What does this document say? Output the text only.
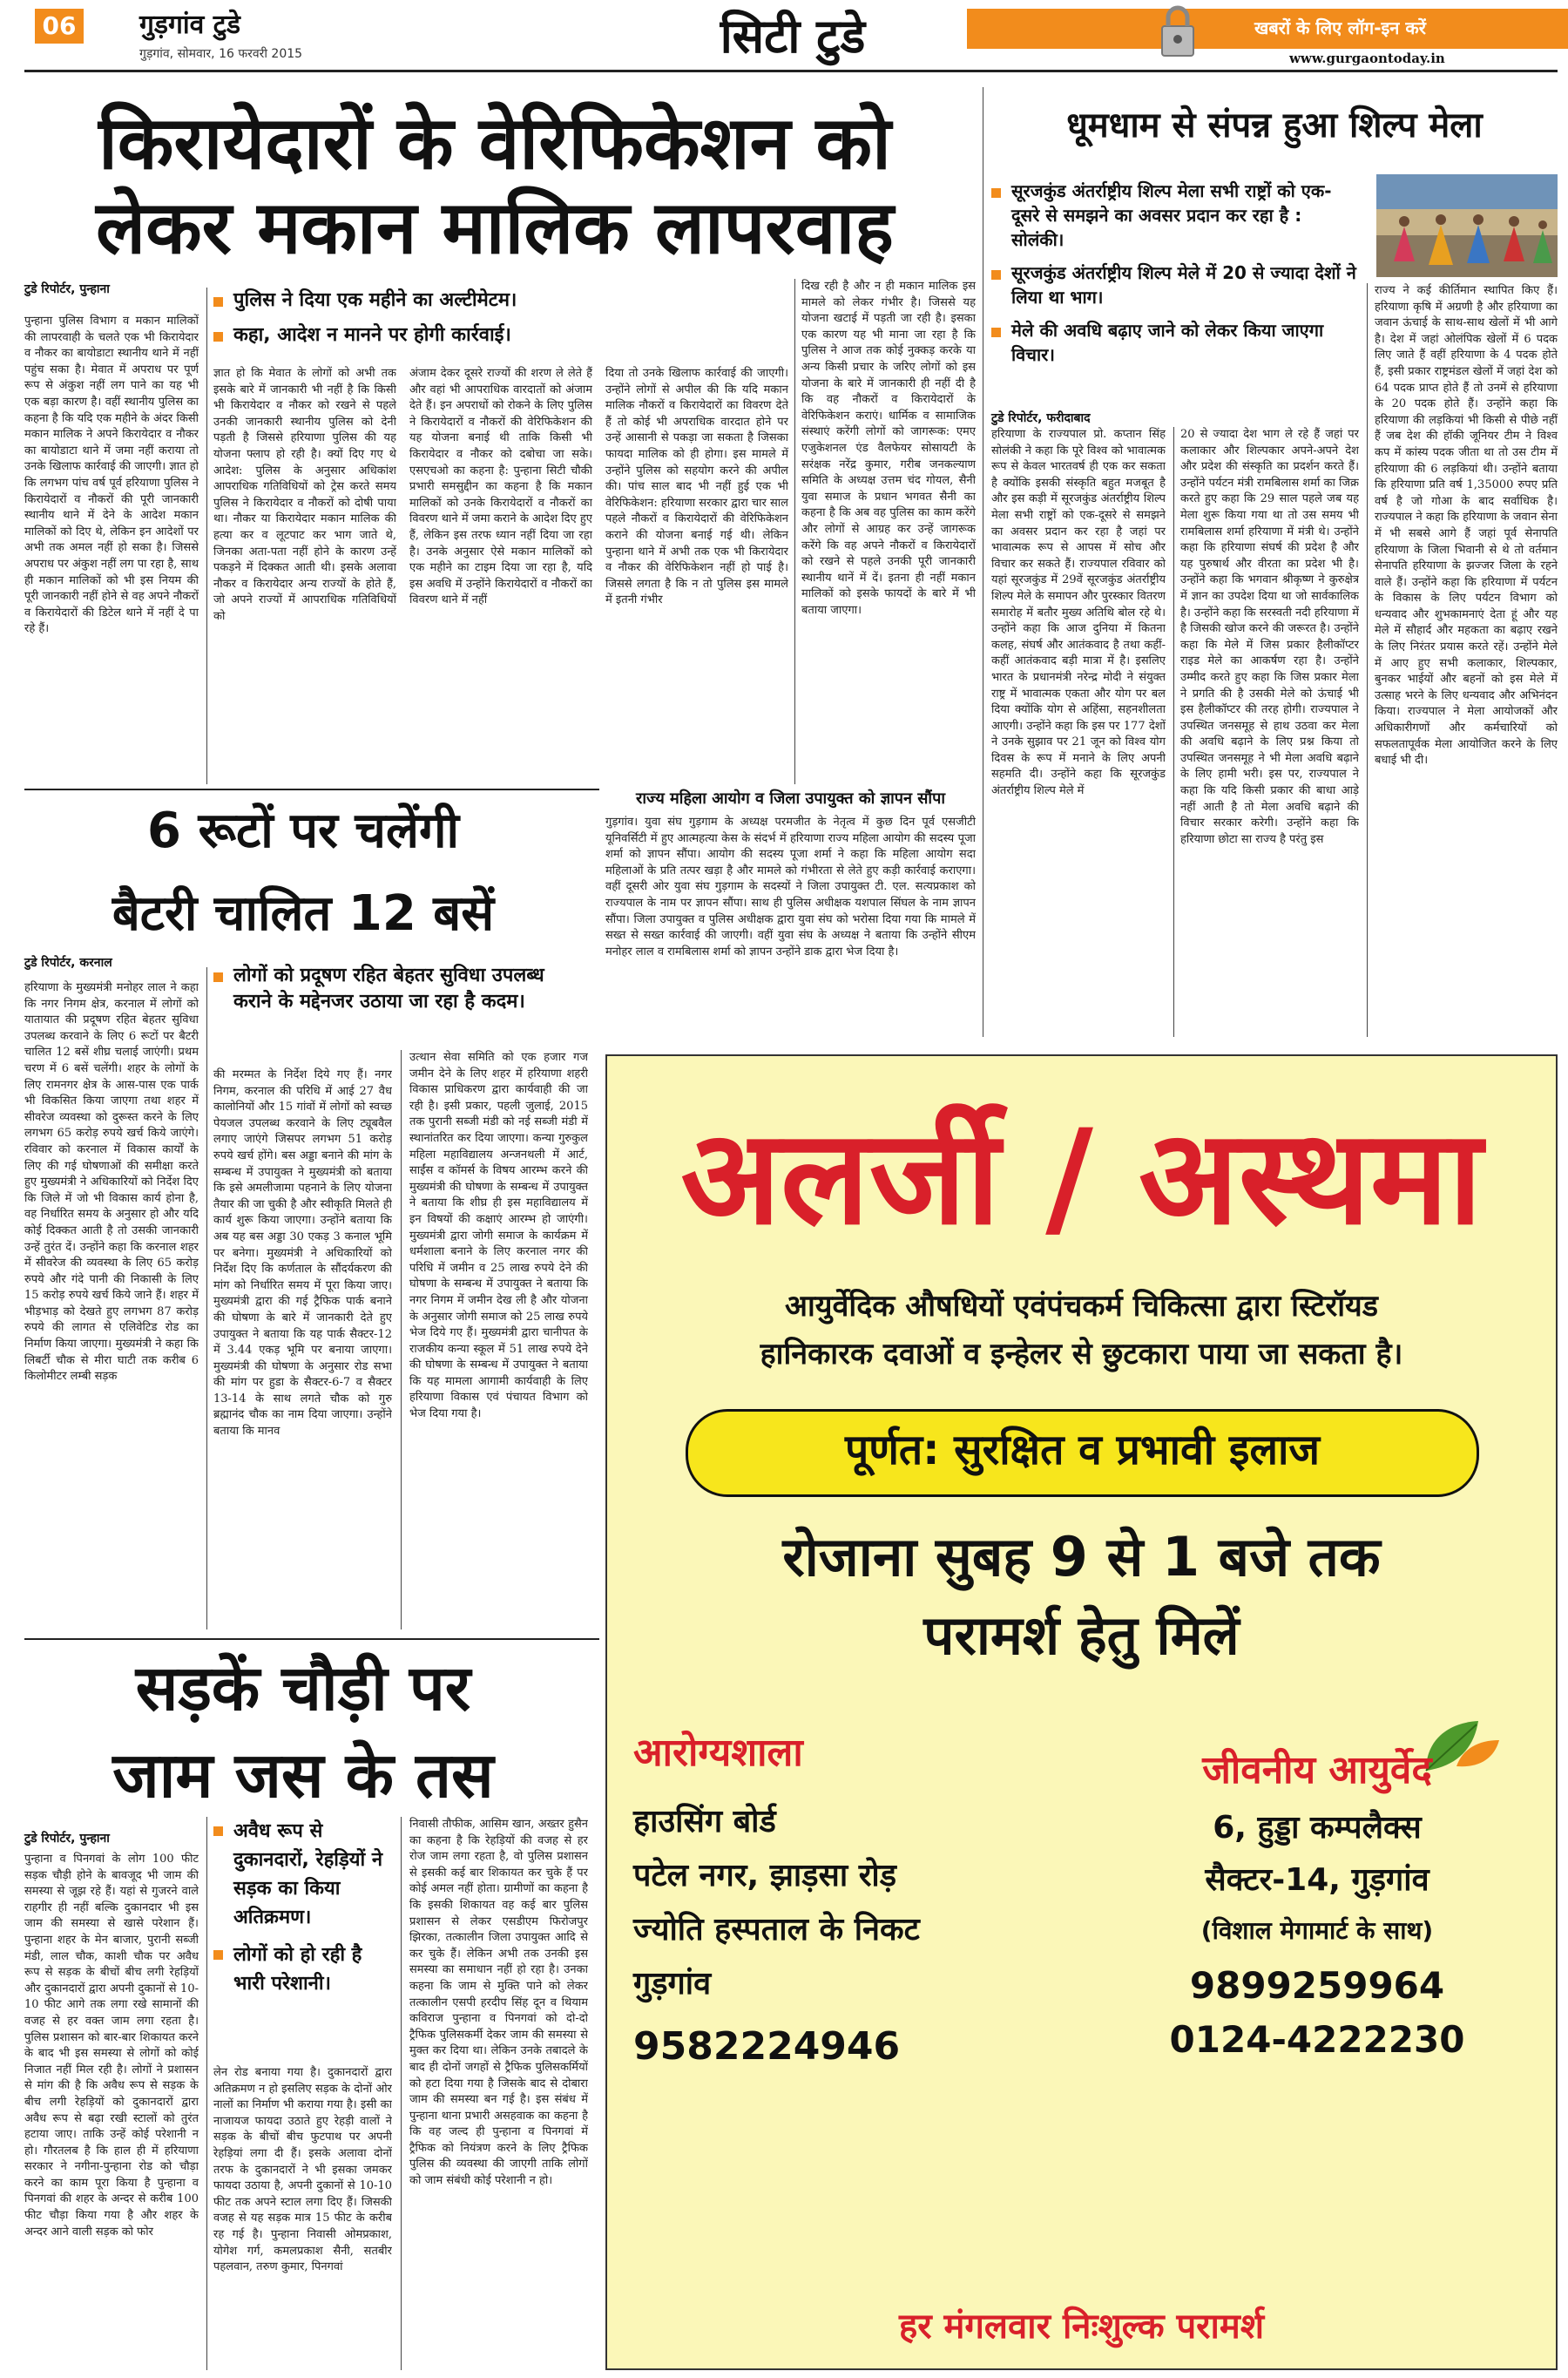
06 गुड़गांव टुडे
गुड़गांव, सोमवार, 16 फरवरी 2015	सिटी टुडे	खबरों के लिए लॉग-इन करें
www.gurgaontoday.in
किरायेदारों के वेरिफिकेशन को
लेकर मकान मालिक लापरवाह
टुडे रिपोर्टर, पुन्हाना	पुलिस ने दिया एक महीने का अल्टीमेटम।
कहा, आदेश न मानने पर होगी कार्रवाई।
पुन्हाना पुलिस विभाग व मकान मालिकों की लापरवाही के चलते एक भी किरायेदार व नौकर का बायोडाटा स्थानीय थाने में नहीं पहुंच सका है। मेवात में अपराध पर पूर्ण रूप से अंकुश नहीं लग पाने का यह भी एक बड़ा कारण है। वहीं स्थानीय पुलिस का कहना है कि यदि एक महीने के अंदर किसी मकान मालिक ने अपने किरायेदार व नौकर का बायोडाटा थाने में जमा नहीं कराया तो उनके खिलाफ कार्रवाई की जाएगी। ज्ञात हो कि लगभग पांच वर्ष पूर्व हरियाणा पुलिस ने किरायेदारों व नौकरों की पूरी जानकारी स्थानीय थाने में देने के आदेश मकान मालिकों को दिए थे, लेकिन इन आदेशों पर अभी तक अमल नहीं हो सका है। जिससे अपराध पर अंकुश नहीं लग पा रहा है, साथ ही मकान मालिकों को भी इस नियम की पूरी जानकारी नहीं होने से वह अपने नौकरों व किरायेदारों की डिटेल थाने में नहीं दे पा रहे हैं।
ज्ञात हो कि मेवात के लोगों को अभी तक इसके बारे में जानकारी भी नहीं है कि किसी भी किरायेदार व नौकर को रखने से पहले उनकी जानकारी स्थानीय पुलिस को देनी पड़ती है जिससे हरियाणा पुलिस की यह योजना फ्लाप हो रही है। क्यों दिए गए थे आदेश: पुलिस के अनुसार अधिकांश आपराधिक गतिविधियों को ट्रेस करते समय पुलिस ने किरायेदार व नौकरों को दोषी पाया था। नौकर या किरायेदार मकान मालिक की हत्या कर व लूटपाट कर भाग जाते थे, जिनका अता-पता नहीं होने के कारण उन्हें पकड़ने में दिक्कत आती थी। इसके अलावा नौकर व किरायेदार अन्य राज्यों के होते हैं, जो अपने राज्यों में आपराधिक गतिविधियों को
अंजाम देकर दूसरे राज्यों की शरण ले लेते हैं और वहां भी आपराधिक वारदातों को अंजाम देते हैं। इन अपराधों को रोकने के लिए पुलिस ने किरायेदारों व नौकरों की वेरिफिकेशन की यह योजना बनाई थी ताकि किसी भी किरायेदार व नौकर को दबोचा जा सके। एसएचओ का कहना है: पुन्हाना सिटी चौकी प्रभारी समसुद्दीन का कहना है कि मकान मालिकों को उनके किरायेदारों व नौकरों का विवरण थाने में जमा कराने के आदेश दिए हुए हैं, लेकिन इस तरफ ध्यान नहीं दिया जा रहा है। उनके अनुसार ऐसे मकान मालिकों को एक महीने का टाइम दिया जा रहा है, यदि इस अवधि में उन्होंने किरायेदारों व नौकरों का विवरण थाने में नहीं
दिया तो उनके खिलाफ कार्रवाई की जाएगी। उन्होंने लोगों से अपील की कि यदि मकान मालिक नौकरों व किरायेदारों का विवरण देते हैं तो कोई भी अपराधिक वारदात होने पर उन्हें आसानी से पकड़ा जा सकता है जिसका फायदा मालिक को ही होगा। इस मामले में उन्होंने पुलिस को सहयोग करने की अपील की। पांच साल बाद भी नहीं हुई एक भी वेरिफिकेशन: हरियाणा सरकार द्वारा चार साल पहले नौकरों व किरायेदारों की वेरिफिकेशन कराने की योजना बनाई गई थी। लेकिन पुन्हाना थाने में अभी तक एक भी किरायेदार व नौकर की वेरिफिकेशन नहीं हो पाई है। जिससे लगता है कि न तो पुलिस इस मामले में इतनी गंभीर
दिख रही है और न ही मकान मालिक इस मामले को लेकर गंभीर है। जिससे यह योजना खटाई में पड़ती जा रही है। इसका एक कारण यह भी माना जा रहा है कि पुलिस ने आज तक कोई नुक्कड़ करके या अन्य किसी प्रचार के जरिए लोगों को इस योजना के बारे में जानकारी ही नहीं दी है कि वह नौकरों व किरायेदारों के वेरिफिकेशन कराएं। धार्मिक व सामाजिक संस्थाएं करेंगी लोगों को जागरूक: एमए एजुकेशनल एंड वैलफेयर सोसायटी के सरंक्षक नरेंद्र कुमार, गरीब जनकल्याण समिति के अध्यक्ष उत्तम चंद गोयल, सैनी युवा समाज के प्रधान भगवत सैनी का कहना है कि अब वह पुलिस का काम करेंगे और लोगों से आग्रह कर उन्हें जागरूक करेंगे कि वह अपने नौकरों व किरायेदारों को रखने से पहले उनकी पूरी जानकारी स्थानीय थानें में दें। इतना ही नहीं मकान मालिकों को इसके फायदों के बारे में भी बताया जाएगा।
राज्य महिला आयोग व जिला उपायुक्त को ज्ञापन सौंपा
गुड़गांव। युवा संघ गुड़गाम के अध्यक्ष परमजीत के नेतृत्व में कुछ दिन पूर्व एसजीटी यूनिवर्सिटी में हुए आत्महत्या केस के संदर्भ में हरियाणा राज्य महिला आयोग की सदस्य पूजा शर्मा को ज्ञापन सौंपा। आयोग की सदस्य पूजा शर्मा ने कहा कि महिला आयोग सदा महिलाओं के प्रति तत्पर खड़ा है और मामले को गंभीरता से लेते हुए कड़ी कार्रवाई कराएगा। वहीं दूसरी ओर युवा संघ गुड़गाम के सदस्यों ने जिला उपायुक्त टी. एल. सत्यप्रकाश को राज्यपाल के नाम पर ज्ञापन सौंपा। साथ ही पुलिस अधीक्षक यशपाल सिंघल के नाम ज्ञापन सौंपा। जिला उपायुक्त व पुलिस अधीक्षक द्वारा युवा संघ को भरोसा दिया गया कि मामले में सख्त से सख्त कार्रवाई की जाएगी। वहीं युवा संघ के अध्यक्ष ने बताया कि उन्होंने सीएम मनोहर लाल व रामबिलास शर्मा को ज्ञापन उन्होंने डाक द्वारा भेज दिया है।
6 रूटों पर चलेंगी
बैटरी चालित 12 बसें
टुडे रिपोर्टर, करनाल
लोगों को प्रदूषण रहित बेहतर सुविधा उपलब्ध कराने के मद्देनजर उठाया जा रहा है कदम।
हरियाणा के मुख्यमंत्री मनोहर लाल ने कहा कि नगर निगम क्षेत्र, करनाल में लोगों को यातायात की प्रदूषण रहित बेहतर सुविधा उपलब्ध करवाने के लिए 6 रूटों पर बैटरी चालित 12 बसें शीघ्र चलाई जाएंगी। प्रथम चरण में 6 बसें चलेंगी। शहर के लोगों के लिए रामनगर क्षेत्र के आस-पास एक पार्क भी विकसित किया जाएगा तथा शहर में सीवरेज व्यवस्था को दुरूस्त करने के लिए लगभग 65 करोड़ रुपये खर्च किये जाएंगे। रविवार को करनाल में विकास कार्यों के लिए की गई घोषणाओं की समीक्षा करते हुए मुख्यमंत्री ने अधिकारियों को निर्देश दिए कि जिले में जो भी विकास कार्य होना है, वह निर्धारित समय के अनुसार हो और यदि कोई दिक्कत आती है तो उसकी जानकारी उन्हें तुरंत दें। उन्होंने कहा कि करनाल शहर में सीवरेज की व्यवस्था के लिए 65 करोड़ रुपये और गंदे पानी की निकासी के लिए 15 करोड़ रुपये खर्च किये जाने हैं। शहर में भीड़भाड़ को देखते हुए लगभग 87 करोड़ रुपये की लागत से एलिवेटिड रोड का निर्माण किया जाएगा। मुख्यमंत्री ने कहा कि लिबर्टी चौक से मीरा घाटी तक करीब 6 किलोमीटर लम्बी सड़क
की मरम्मत के निर्देश दिये गए हैं। नगर निगम, करनाल की परिधि में आई 27 वैध कालोनियों और 15 गांवों में लोगों को स्वच्छ पेयजल उपलब्ध करवाने के लिए ट्यूबवैल लगाए जाएंगे जिसपर लगभग 51 करोड़ रुपये खर्च होंगे। बस अड्डा बनाने की मांग के सम्बन्ध में उपायुक्त ने मुख्यमंत्री को बताया कि इसे अमलीजामा पहनाने के लिए योजना तैयार की जा चुकी है और स्वीकृति मिलते ही कार्य शुरू किया जाएगा। उन्होंने बताया कि अब यह बस अड्डा 30 एकड़ 3 कनाल भूमि पर बनेगा। मुख्यमंत्री ने अधिकारियों को निर्देश दिए कि कर्णताल के सौंदर्यकरण की मांग को निर्धारित समय में पूरा किया जाए। मुख्यमंत्री द्वारा की गई ट्रैफिक पार्क बनाने की घोषणा के बारे में जानकारी देते हुए उपायुक्त ने बताया कि यह पार्क सैक्टर-12 में 3.44 एकड़ भूमि पर बनाया जाएगा। मुख्यमंत्री की घोषणा के अनुसार रोड सभा की मांग पर हुडा के सैक्टर-6-7 व सैक्टर 13-14 के साथ लगते चौक को गुरु ब्रह्मानंद चौक का नाम दिया जाएगा। उन्होंने बताया कि मानव
उत्थान सेवा समिति को एक हजार गज जमीन देने के लिए शहर में हरियाणा शहरी विकास प्राधिकरण द्वारा कार्यवाही की जा रही है। इसी प्रकार, पहली जुलाई, 2015 तक पुरानी सब्जी मंडी को नई सब्जी मंडी में स्थानांतरित कर दिया जाएगा। कन्या गुरुकुल महिला महाविद्यालय अन्जनथली में आर्ट, साईंस व कॉमर्स के विषय आरम्भ करने की मुख्यमंत्री की घोषणा के सम्बन्ध में उपायुक्त ने बताया कि शीघ्र ही इस महाविद्यालय में इन विषयों की कक्षाएं आरम्भ हो जाएंगी। मुख्यमंत्री द्वारा जोगी समाज के कार्यक्रम में धर्मशाला बनाने के लिए करनाल नगर की परिधि में जमीन व 25 लाख रुपये देने की घोषणा के सम्बन्ध में उपायुक्त ने बताया कि नगर निगम में जमीन देख ली है और योजना के अनुसार जोगी समाज को 25 लाख रुपये भेज दिये गए हैं। मुख्यमंत्री द्वारा चानीपत के राजकीय कन्या स्कूल में 51 लाख रुपये देने की घोषणा के सम्बन्ध में उपायुक्त ने बताया कि यह मामला आगामी कार्यवाही के लिए हरियाणा विकास एवं पंचायत विभाग को भेज दिया गया है।
सड़कें चौड़ी पर
जाम जस के तस
टुडे रिपोर्टर, पुन्हाना	अवैध रूप से दुकानदारों, रेहड़ियों ने सड़क का किया अतिक्रमण।
लोगों को हो रही है भारी परेशानी।
पुन्हाना व पिनगवां के लोग 100 फीट सड़क चौड़ी होने के बावजूद भी जाम की समस्या से जूझ रहे हैं। यहां से गुजरने वाले राहगीर ही नहीं बल्कि दुकानदार भी इस जाम की समस्या से खासे परेशान हैं। पुन्हाना शहर के मेन बाजार, पुरानी सब्जी मंडी, लाल चौक, काशी चौक पर अवैध रूप से सड़क के बीचों बीच लगी रेहड़ियों और दुकानदारों द्वारा अपनी दुकानों से 10-10 फीट आगे तक लगा रखे सामानों की वजह से हर वक्त जाम लगा रहता है। पुलिस प्रशासन को बार-बार शिकायत करने के बाद भी इस समस्या से लोगों को कोई निजात नहीं मिल रही है। लोगों ने प्रशासन से मांग की है कि अवैध रूप से सड़क के बीच लगी रेहड़ियों को दुकानदारों द्वारा अवैध रूप से बढ़ा रखी स्टालों को तुरंत हटाया जाए। ताकि उन्हें कोई परेशानी न हो। गौरतलब है कि हाल ही में हरियाणा सरकार ने नगीना-पुन्हाना रोड को चौड़ा करने का काम पूरा किया है पुन्हाना व पिनगवां की शहर के अन्दर से करीब 100 फीट चौड़ा किया गया है और शहर के अन्दर आने वाली सड़क को फोर
लेन रोड बनाया गया है। दुकानदारों द्वारा अतिक्रमण न हो इसलिए सड़क के दोनों ओर नालों का निर्माण भी कराया गया है। इसी का नाजायज फायदा उठाते हुए रेहड़ी वालों ने सड़क के बीचों बीच फुटपाथ पर अपनी रेहड़ियां लगा दी हैं। इसके अलावा दोनों तरफ के दुकानदारों ने भी इसका जमकर फायदा उठाया है, अपनी दुकानों से 10-10 फीट तक अपने स्टाल लगा दिए हैं। जिसकी वजह से यह सड़क मात्र 15 फीट के करीब रह गई है। पुन्हाना निवासी ओमप्रकाश, योगेश गर्ग, कमलप्रकाश सैनी, सतबीर पहलवान, तरुण कुमार, पिनगवां
निवासी तौफीक, आसिम खान, अख्तर हुसैन का कहना है कि रेहड़ियों की वजह से हर रोज जाम लगा रहता है, वो पुलिस प्रशासन से इसकी कई बार शिकायत कर चुके हैं पर कोई अमल नहीं होता। ग्रामीणों का कहना है कि इसकी शिकायत वह कई बार पुलिस प्रशासन से लेकर एसडीएम फिरोजपुर झिरका, तत्कालीन जिला उपायुक्त आदि से कर चुके हैं। लेकिन अभी तक उनकी इस समस्या का समाधान नहीं हो रहा है। उनका कहना कि जाम से मुक्ति पाने को लेकर तत्कालीन एसपी हरदीप सिंह दून व थियाम कविराज पुन्हाना व पिनगवां को दो-दो ट्रैफिक पुलिसकर्मी देकर जाम की समस्या से मुक्त कर दिया था। लेकिन उनके तबादले के बाद ही दोनों जगहों से ट्रैफिक पुलिसकर्मियों को हटा दिया गया है जिसके बाद से दोबारा जाम की समस्या बन गई है। इस संबंध में पुन्हाना थाना प्रभारी असहवाक का कहना है कि वह जल्द ही पुन्हाना व पिनगवां में ट्रैफिक को नियंत्रण करने के लिए ट्रैफिक पुलिस की व्यवस्था की जाएगी ताकि लोगों को जाम संबंधी कोई परेशानी न हो।
धूमधाम से संपन्न हुआ शिल्प मेला
सूरजकुंड अंतर्राष्ट्रीय शिल्प मेला सभी राष्ट्रों को एक-दूसरे से समझने का अवसर प्रदान कर रहा है : सोलंकी।
सूरजकुंड अंतर्राष्ट्रीय शिल्प मेले में 20 से ज्यादा देशों ने लिया था भाग।
मेले की अवधि बढ़ाए जाने को लेकर किया जाएगा विचार।
टुडे रिपोर्टर, फरीदाबाद
हरियाणा के राज्यपाल प्रो. कप्तान सिंह सोलंकी ने कहा कि पूरे विश्व को भावात्मक रूप से केवल भारतवर्ष ही एक कर सकता है क्योंकि इसकी संस्कृति बहुत मजबूत है और इस कड़ी में सूरजकुंड अंतर्राष्ट्रीय शिल्प मेला सभी राष्ट्रों को एक-दूसरे से समझने का अवसर प्रदान कर रहा है जहां पर भावात्मक रूप से आपस में सोच और विचार कर सकते हैं। राज्यपाल रविवार को यहां सूरजकुंड में 29वें सूरजकुंड अंतर्राष्ट्रीय शिल्प मेले के समापन और पुरस्कार वितरण समारोह में बतौर मुख्य अतिथि बोल रहे थे। उन्होंने कहा कि आज दुनिया में कितना कलह, संघर्ष और आतंकवाद है तथा कहीं-कहीं आतंकवाद बड़ी मात्रा में है। इसलिए भारत के प्रधानमंत्री नरेन्द्र मोदी ने संयुक्त राष्ट्र में भावात्मक एकता और योग पर बल दिया क्योंकि योग से अहिंसा, सहनशीलता आएगी। उन्होंने कहा कि इस पर 177 देशों ने उनके सुझाव पर 21 जून को विश्व योग दिवस के रूप में मनाने के लिए अपनी सहमति दी। उन्होंने कहा कि सूरजकुंड अंतर्राष्ट्रीय शिल्प मेले में
20 से ज्यादा देश भाग ले रहे हैं जहां पर कलाकार और शिल्पकार अपने-अपने देश और प्रदेश की संस्कृति का प्रदर्शन करते हैं। उन्होंने पर्यटन मंत्री रामबिलास शर्मा का जिक्र करते हुए कहा कि 29 साल पहले जब यह मेला शुरू किया गया था तो उस समय भी रामबिलास शर्मा हरियाणा में मंत्री थे। उन्होंने कहा कि हरियाणा संघर्ष की प्रदेश है और यह पुरुषार्थ और वीरता का प्रदेश भी है। उन्होंने कहा कि भगवान श्रीकृष्ण ने कुरुक्षेत्र में ज्ञान का उपदेश दिया था जो सार्वकालिक है। उन्होंने कहा कि सरस्वती नदी हरियाणा में है जिसकी खोज करने की जरूरत है। उन्होंने कहा कि मेले में जिस प्रकार हैलीकॉप्टर राइड मेले का आकर्षण रहा है। उन्होंने उम्मीद करते हुए कहा कि जिस प्रकार मेला ने प्रगति की है उसकी मेले को ऊंचाई भी इस हैलीकॉप्टर की तरह होगी। राज्यपाल ने उपस्थित जनसमूह से हाथ उठवा कर मेला की अवधि बढ़ाने के लिए प्रश्न किया तो उपस्थित जनसमूह ने भी मेला अवधि बढ़ाने के लिए हामी भरी। इस पर, राज्यपाल ने कहा कि यदि किसी प्रकार की बाधा आड़े नहीं आती है तो मेला अवधि बढ़ाने की विचार सरकार करेगी। उन्होंने कहा कि हरियाणा छोटा सा राज्य है परंतु इस
राज्य ने कई कीर्तिमान स्थापित किए हैं। हरियाणा कृषि में अग्रणी है और हरियाणा का जवान ऊंचाई के साथ-साथ खेलों में भी आगे है। देश में जहां ओलंपिक खेलों में 6 पदक लिए जाते हैं वहीं हरियाणा के 4 पदक होते हैं, इसी प्रकार राष्ट्रमंडल खेलों में जहां देश को 64 पदक प्राप्त होते हैं तो उनमें से हरियाणा के 20 पदक होते हैं। उन्होंने कहा कि हरियाणा की लड़कियां भी किसी से पीछे नहीं हैं जब देश की हॉकी जूनियर टीम ने विश्व कप में कांस्य पदक जीता था तो उस टीम में हरियाणा की 6 लड़कियां थी। उन्होंने बताया कि हरियाणा प्रति वर्ष 1,35000 रुपए प्रति वर्ष है जो गोआ के बाद सर्वाधिक है। राज्यपाल ने कहा कि हरियाणा के जवान सेना में भी सबसे आगे हैं जहां पूर्व सेनापति हरियाणा के जिला भिवानी से थे तो वर्तमान सेनापति हरियाणा के झज्जर जिला के रहने वाले हैं। उन्होंने कहा कि हरियाणा में पर्यटन के विकास के लिए पर्यटन विभाग को धन्यवाद और शुभकामनाएं देता हूं और यह मेले में सौहार्द और महकता का बढ़ाए रखने के लिए निरंतर प्रयास करते रहें। उन्होंने मेले में आए हुए सभी कलाकार, शिल्पकार, बुनकर भाईयों और बहनों को इस मेले में उत्साह भरने के लिए धन्यवाद और अभिनंदन किया। राज्यपाल ने मेला आयोजकों और अधिकारीगणों और कर्मचारियों को सफलतापूर्वक मेला आयोजित करने के लिए बधाई भी दी।
अलर्जी / अस्थमा
आयुर्वेदिक औषधियों एवंपंचकर्म चिकित्सा द्वारा स्टिरॉयड
हानिकारक दवाओं व इन्हेलर से छुटकारा पाया जा सकता है।
पूर्णत: सुरक्षित व प्रभावी इलाज
रोजाना सुबह 9 से 1 बजे तक
परामर्श हेतु मिलें
आरोग्यशाला
हाउसिंग बोर्ड
पटेल नगर, झाड़सा रोड़
ज्योति हस्पताल के निकट
गुड़गांव
9582224946
जीवनीय आयुर्वेद
6, हुड्डा कम्पलैक्स
सैक्टर-14, गुड़गांव
(विशाल मेगामार्ट के साथ)
9899259964
0124-4222230
हर मंगलवार निःशुल्क परामर्श
